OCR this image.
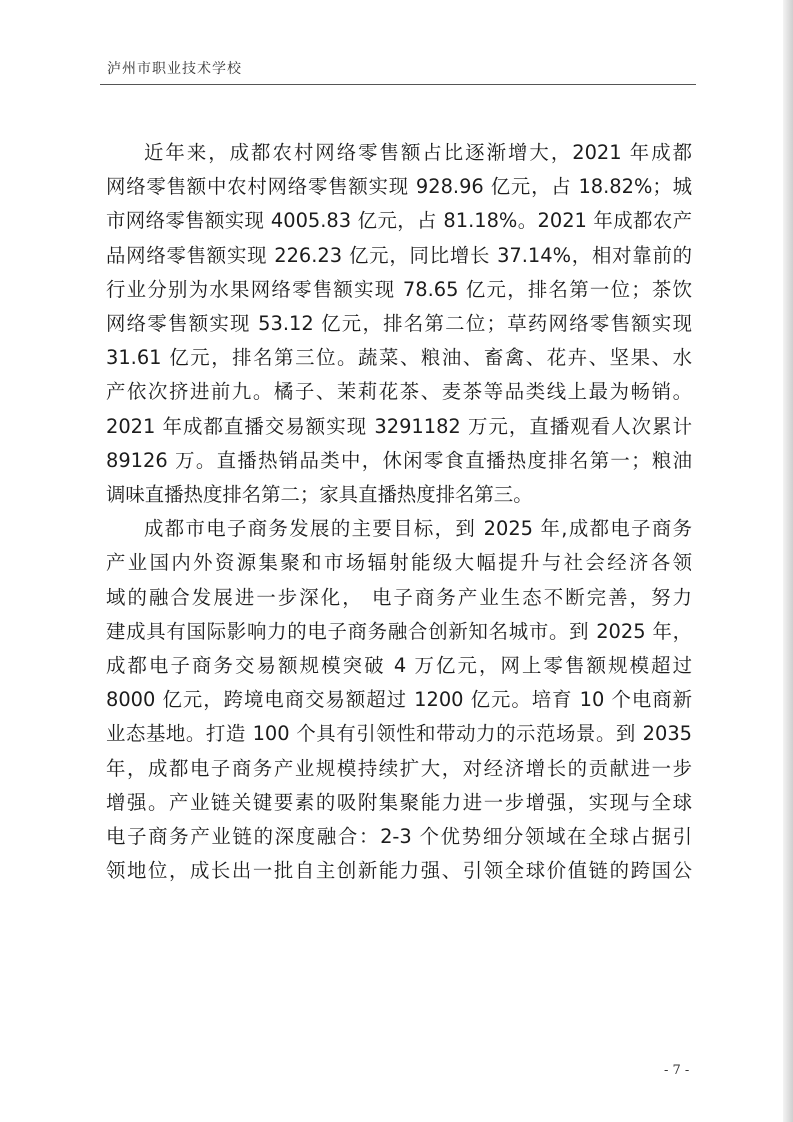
泸州市职业技术学校
近年来，成都农村网络零售额占比逐渐增大，2021 年成都
网络零售额中农村网络零售额实现 928.96 亿元，占 18.82%；城
市网络零售额实现 4005.83 亿元，占 81.18%。2021 年成都农产
品网络零售额实现 226.23 亿元，同比增长 37.14%，相对靠前的
行业分别为水果网络零售额实现 78.65 亿元，排名第一位；茶饮
网络零售额实现 53.12 亿元，排名第二位；草药网络零售额实现
31.61 亿元，排名第三位。蔬菜、粮油、畜禽、花卉、坚果、水
产依次挤进前九。橘子、茉莉花茶、麦茶等品类线上最为畅销。
2021 年成都直播交易额实现 3291182 万元，直播观看人次累计
89126 万。直播热销品类中，休闲零食直播热度排名第一；粮油
调味直播热度排名第二；家具直播热度排名第三。
成都市电子商务发展的主要目标，到 2025 年,成都电子商务
产业国内外资源集聚和市场辐射能级大幅提升与社会经济各领
域的融合发展进一步深化， 电子商务产业生态不断完善，努力
建成具有国际影响力的电子商务融合创新知名城市。到 2025 年，
成都电子商务交易额规模突破 4 万亿元，网上零售额规模超过
8000 亿元，跨境电商交易额超过 1200 亿元。培育 10 个电商新
业态基地。打造 100 个具有引领性和带动力的示范场景。到 2035
年，成都电子商务产业规模持续扩大，对经济增长的贡献进一步
增强。产业链关键要素的吸附集聚能力进一步增强，实现与全球
电子商务产业链的深度融合：2-3 个优势细分领域在全球占据引
领地位，成长出一批自主创新能力强、引领全球价值链的跨国公
- 7 -
